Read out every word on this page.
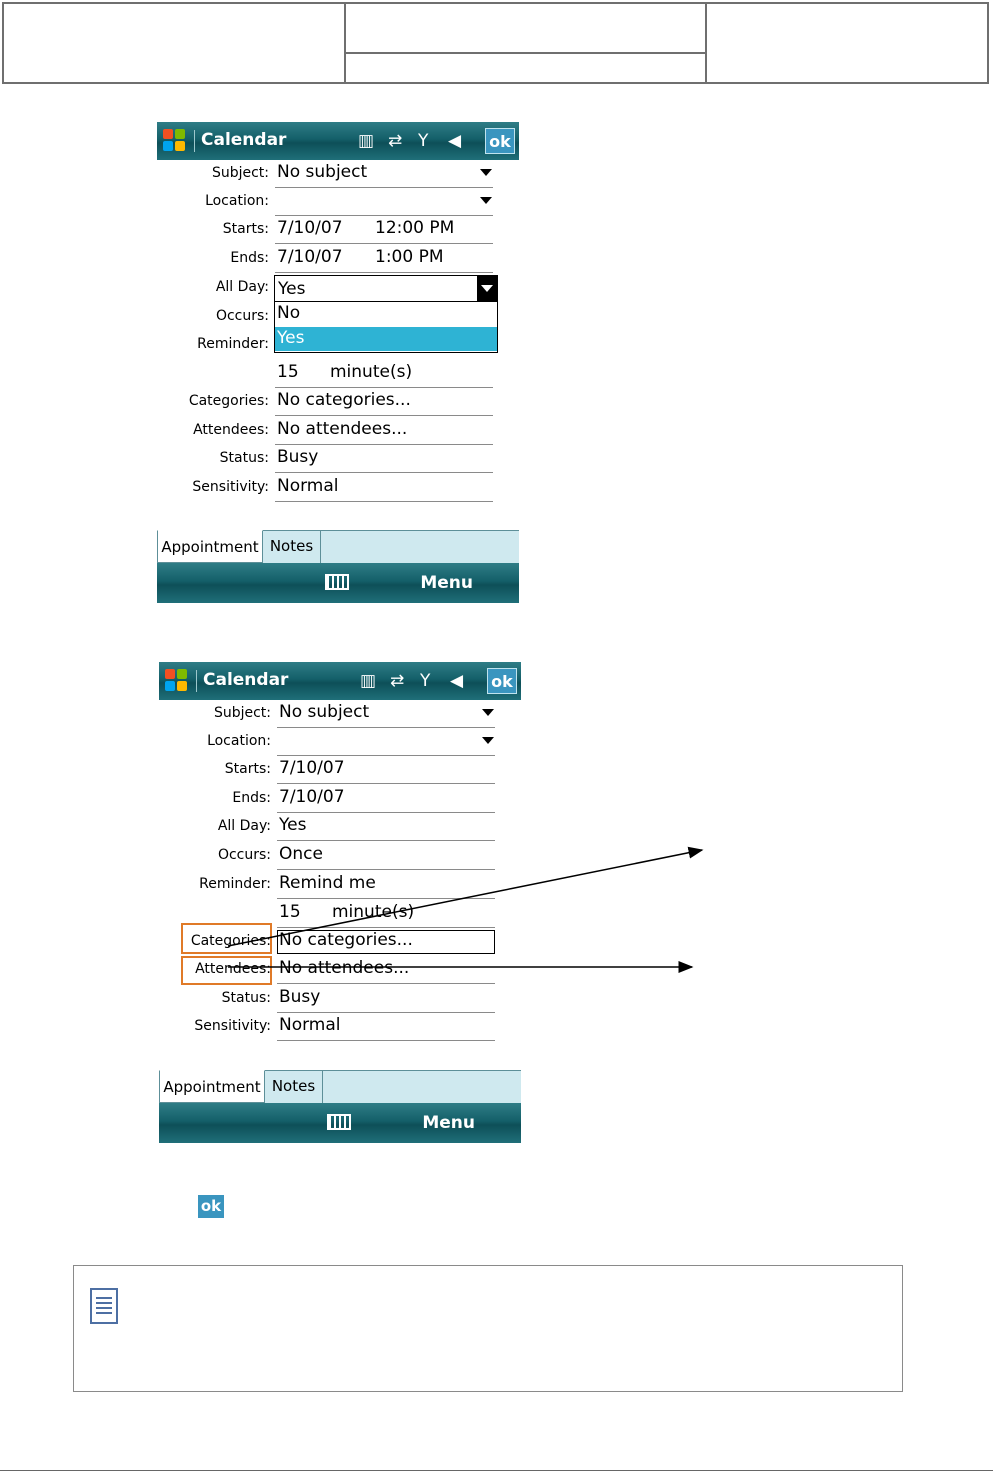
Calendar	▥ ⇄ Y ◀ ok
Subject: No subject
Location:
Starts: 7/10/07 12:00 PM
Ends: 7/10/07 1:00 PM
All Day:
Occurs:
Reminder:
Yes
No
Yes
15 minute(s)
Categories: No categories...
Attendees: No attendees...
Status: Busy
Sensitivity: Normal
Appointment Notes
Menu
Calendar	▥ ⇄ Y ◀ ok
Subject: No subject
Location:
Starts: 7/10/07
Ends: 7/10/07
All Day: Yes
Occurs: Once
Reminder: Remind me
15 minute(s)
Categories: No categories...
Attendees: No attendees...
Status: Busy
Sensitivity: Normal
Appointment Notes
Menu
ok
